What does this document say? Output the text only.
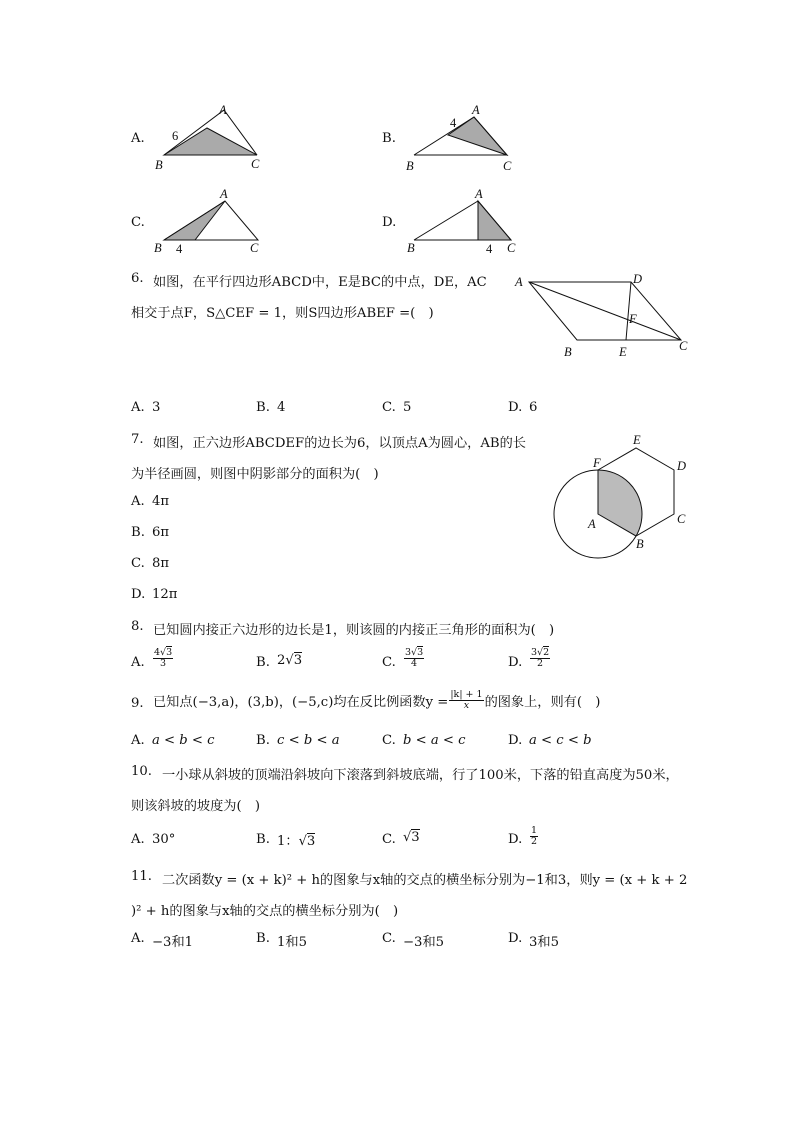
A.
A
B	C
6	B.
A
B	C
4
C.
A
B	C
4
D.
A
B	C
4
6. 如图，在平行四边形ABCD中，E是BC的中点，DE，AC
相交于点F，S△CEF = 1，则S四边形ABEF =(　)
A	D
F
B	E	C
A. 3	B. 4	C. 5	D. 6
7. 如图，正六边形ABCDEF的边长为6，以顶点A为圆心，AB的长
为半径画圆，则图中阴影部分的面积为(　)
F
E
D
C
B
A
A. 4π
B. 6π
C. 8π
D. 12π
8. 已知圆内接正六边形的边长是1，则该圆的内接正三角形的面积为(　)
A. $\frac{4√3}{3}$	B. 2√3	C. $\frac{3√3}{4}$	D. $\frac{3√2}{2}$
9. 已知点(−3,a)，(3,b)，(−5,c)均在反比例函数$y = \frac{|k| + 1}{x}$ 的图象上，则有(　)
A. a < b < c	B. c < b < a	C. b < a < c	D. a < c < b
10. 一小球从斜坡的顶端沿斜坡向下滚落到斜坡底端，行了100米，下落的铅直高度为50米，
则该斜坡的坡度为(　)
A. 30°	B. 1：√3	C. √3	D. $\frac{1}{2}$
11. 二次函数y = (x + k)² + h的图象与x轴的交点的横坐标分别为−1和3，则y = (x + k + 2
)² + h的图象与x轴的交点的横坐标分别为(　)
A. −3和1	B. 1和5	C. −3和5	D. 3和5
